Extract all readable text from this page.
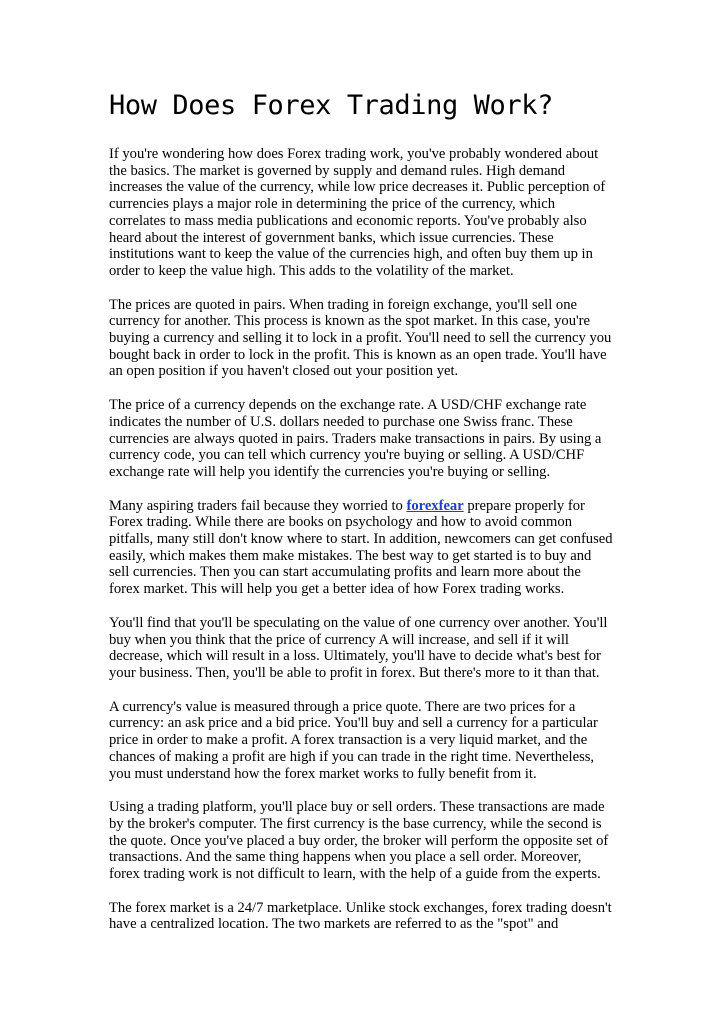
How Does Forex Trading Work?

If you're wondering how does Forex trading work, you've probably wondered about the basics. The market is governed by supply and demand rules. High demand increases the value of the currency, while low price decreases it. Public perception of currencies plays a major role in determining the price of the currency, which correlates to mass media publications and economic reports. You've probably also heard about the interest of government banks, which issue currencies. These institutions want to keep the value of the currencies high, and often buy them up in order to keep the value high. This adds to the volatility of the market.

The prices are quoted in pairs. When trading in foreign exchange, you'll sell one currency for another. This process is known as the spot market. In this case, you're buying a currency and selling it to lock in a profit. You'll need to sell the currency you bought back in order to lock in the profit. This is known as an open trade. You'll have an open position if you haven't closed out your position yet.

The price of a currency depends on the exchange rate. A USD/CHF exchange rate indicates the number of U.S. dollars needed to purchase one Swiss franc. These currencies are always quoted in pairs. Traders make transactions in pairs. By using a currency code, you can tell which currency you're buying or selling. A USD/CHF exchange rate will help you identify the currencies you're buying or selling.

Many aspiring traders fail because they worried to forexfear prepare properly for Forex trading. While there are books on psychology and how to avoid common pitfalls, many still don't know where to start. In addition, newcomers can get confused easily, which makes them make mistakes. The best way to get started is to buy and sell currencies. Then you can start accumulating profits and learn more about the forex market. This will help you get a better idea of how Forex trading works.

You'll find that you'll be speculating on the value of one currency over another. You'll buy when you think that the price of currency A will increase, and sell if it will decrease, which will result in a loss. Ultimately, you'll have to decide what's best for your business. Then, you'll be able to profit in forex. But there's more to it than that.

A currency's value is measured through a price quote. There are two prices for a currency: an ask price and a bid price. You'll buy and sell a currency for a particular price in order to make a profit. A forex transaction is a very liquid market, and the chances of making a profit are high if you can trade in the right time. Nevertheless, you must understand how the forex market works to fully benefit from it.

Using a trading platform, you'll place buy or sell orders. These transactions are made by the broker's computer. The first currency is the base currency, while the second is the quote. Once you've placed a buy order, the broker will perform the opposite set of transactions. And the same thing happens when you place a sell order. Moreover, forex trading work is not difficult to learn, with the help of a guide from the experts.

The forex market is a 24/7 marketplace. Unlike stock exchanges, forex trading doesn't have a centralized location. The two markets are referred to as the "spot" and
